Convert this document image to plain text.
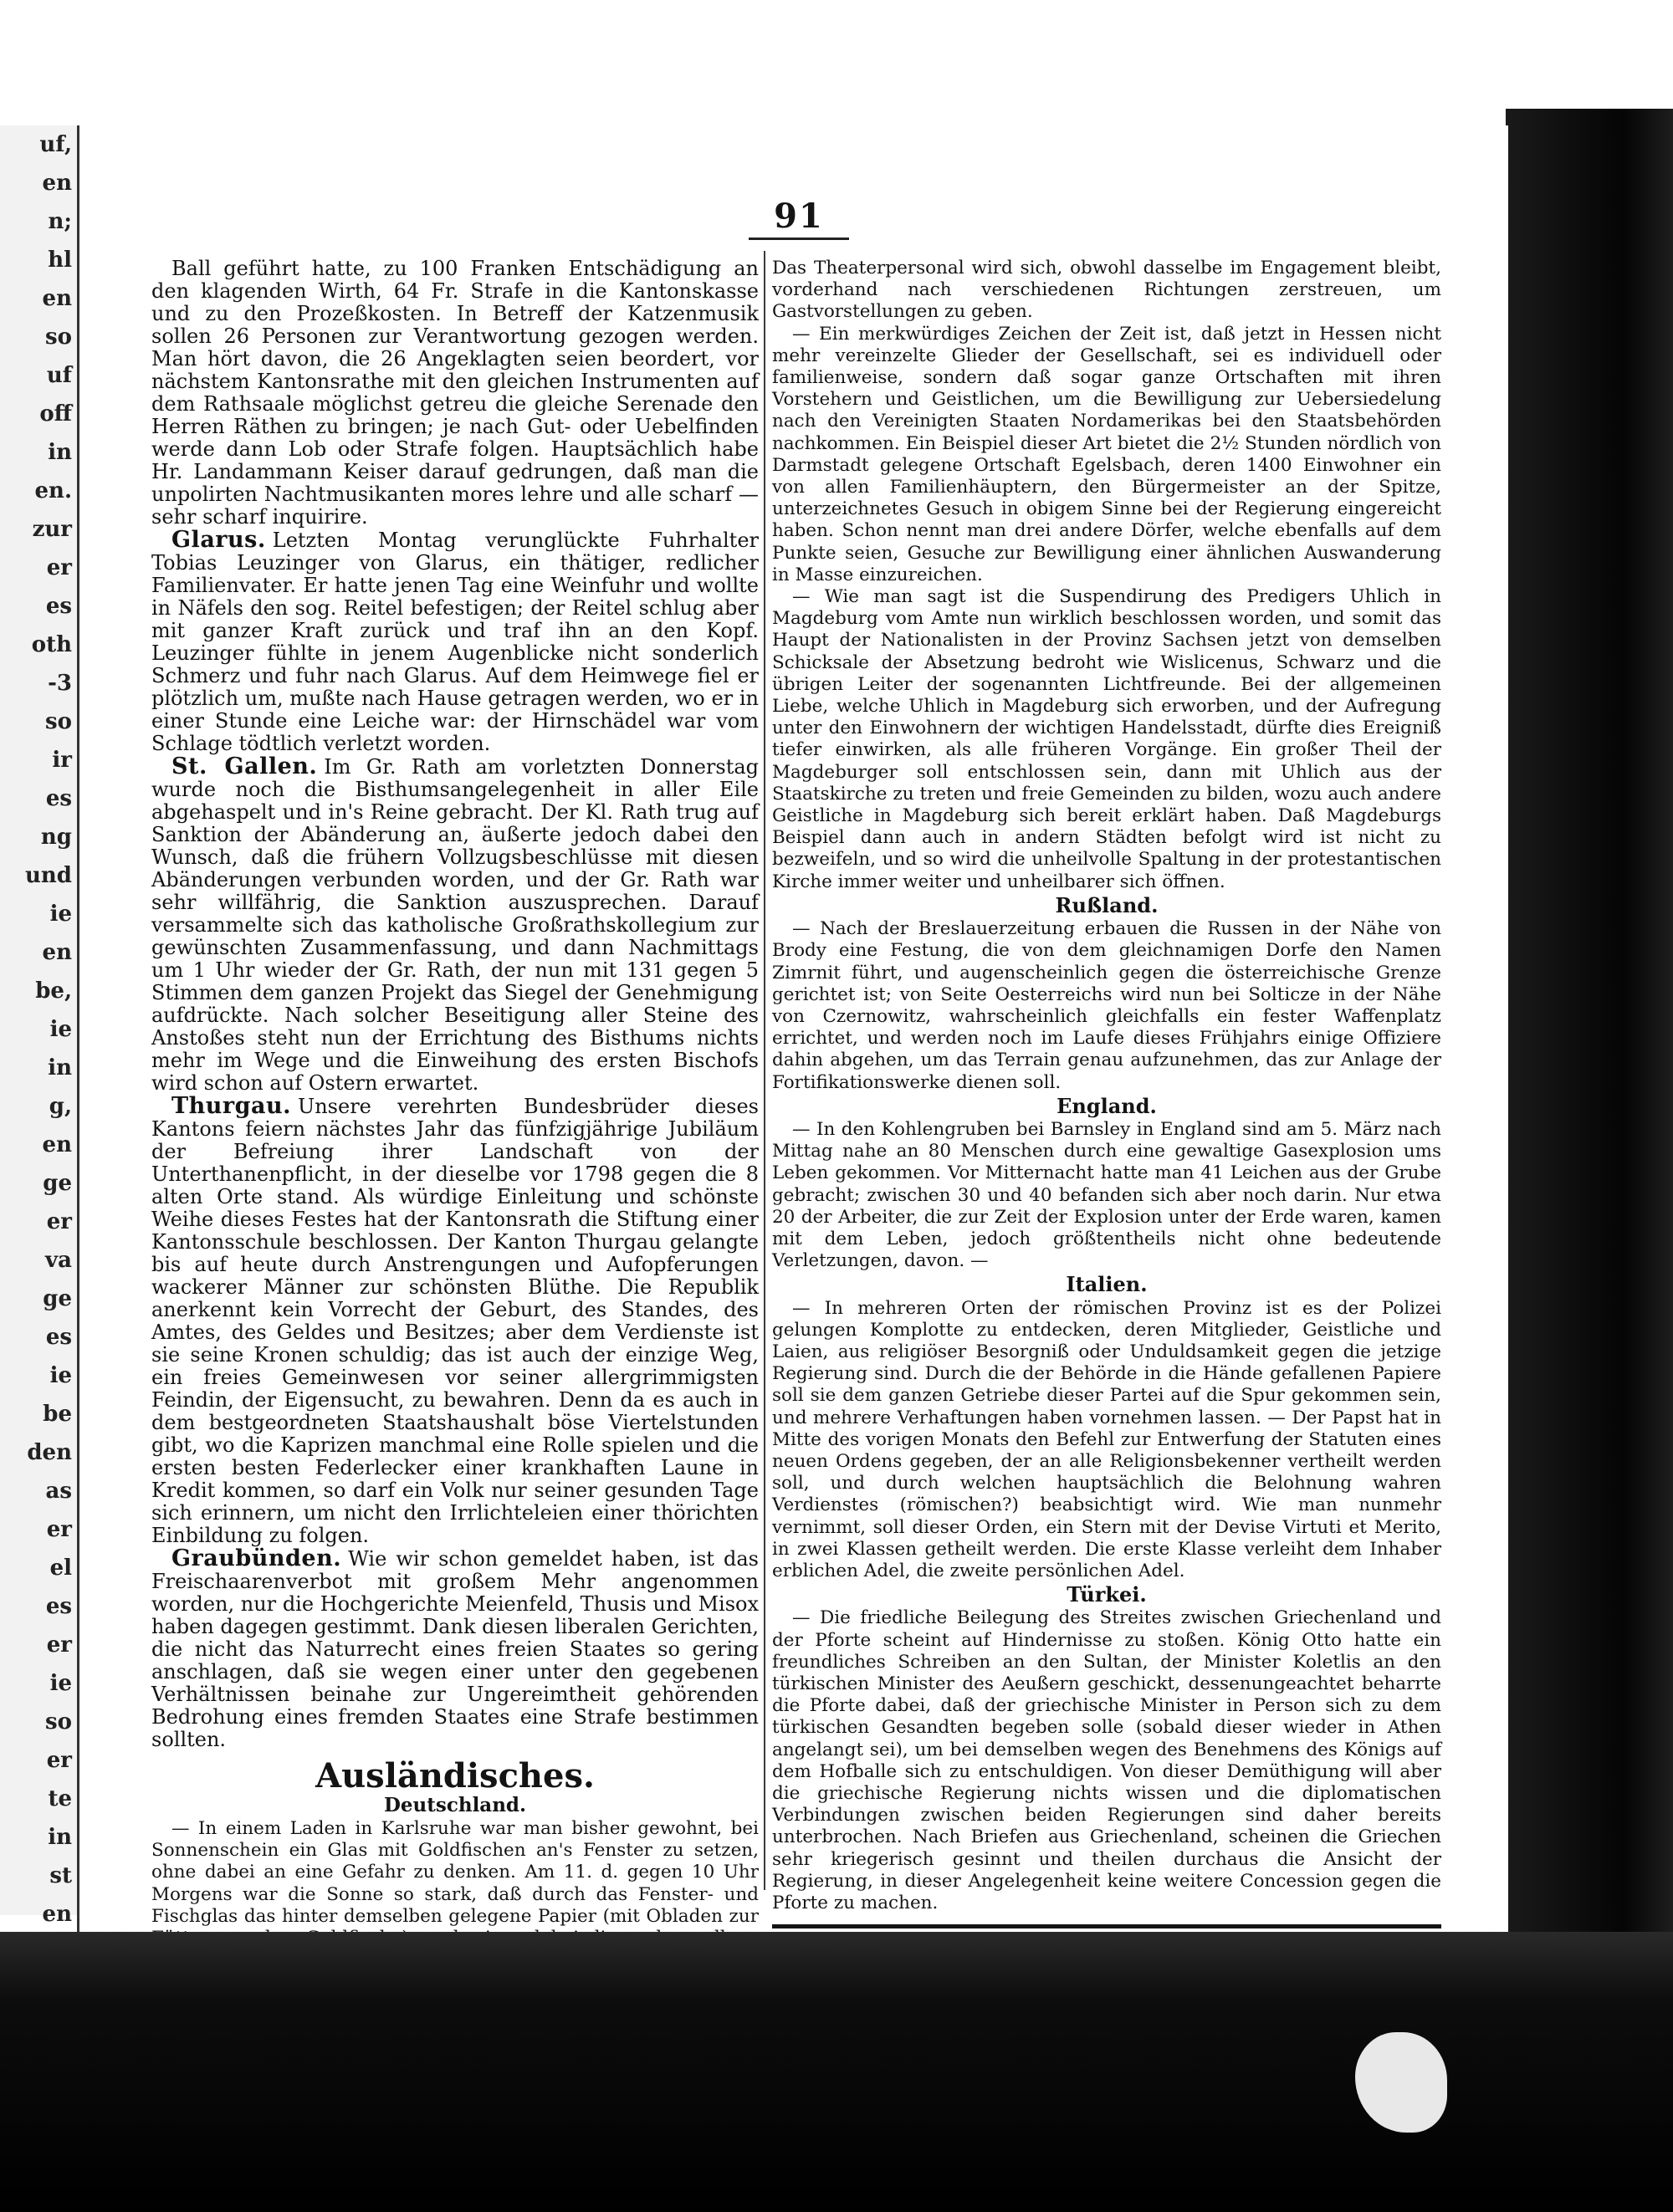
uf,
en
n;
hl
en
so
uf
off
in
en.
zur
er
es
oth
-3
so
ir
es
ng
und
ie
en
be,
ie
in
g,
en
ge
er
va
ge
es
ie
be
den
as
er
el
es
er
ie
so
er
te
in
st
en
91

Ball geführt hatte, zu 100 Franken Entschädigung an den klagenden Wirth, 64 Fr. Strafe in die Kantonskasse und zu den Prozeßkosten. In Betreff der Katzenmusik sollen 26 Personen zur Verantwortung gezogen werden. Man hört davon, die 26 Angeklagten seien beordert, vor nächstem Kantonsrathe mit den gleichen Instrumenten auf dem Rathsaale möglichst getreu die gleiche Serenade den Herren Räthen zu bringen; je nach Gut- oder Uebelfinden werde dann Lob oder Strafe folgen. Hauptsächlich habe Hr. Landammann Keiser darauf gedrungen, daß man die unpolirten Nachtmusikanten mores lehre und alle scharf — sehr scharf inquirire.

Glarus. Letzten Montag verunglückte Fuhrhalter Tobias Leuzinger von Glarus, ein thätiger, redlicher Familienvater. Er hatte jenen Tag eine Weinfuhr und wollte in Näfels den sog. Reitel befestigen; der Reitel schlug aber mit ganzer Kraft zurück und traf ihn an den Kopf. Leuzinger fühlte in jenem Augenblicke nicht sonderlich Schmerz und fuhr nach Glarus. Auf dem Heimwege fiel er plötzlich um, mußte nach Hause getragen werden, wo er in einer Stunde eine Leiche war: der Hirnschädel war vom Schlage tödtlich verletzt worden.

St. Gallen. Im Gr. Rath am vorletzten Donnerstag wurde noch die Bisthumsangelegenheit in aller Eile abgehaspelt und in's Reine gebracht. Der Kl. Rath trug auf Sanktion der Abänderung an, äußerte jedoch dabei den Wunsch, daß die frühern Vollzugsbeschlüsse mit diesen Abänderungen verbunden worden, und der Gr. Rath war sehr willfährig, die Sanktion auszusprechen. Darauf versammelte sich das katholische Großrathskollegium zur gewünschten Zusammenfassung, und dann Nachmittags um 1 Uhr wieder der Gr. Rath, der nun mit 131 gegen 5 Stimmen dem ganzen Projekt das Siegel der Genehmigung aufdrückte. Nach solcher Beseitigung aller Steine des Anstoßes steht nun der Errichtung des Bisthums nichts mehr im Wege und die Einweihung des ersten Bischofs wird schon auf Ostern erwartet.

Thurgau. Unsere verehrten Bundesbrüder dieses Kantons feiern nächstes Jahr das fünfzigjährige Jubiläum der Befreiung ihrer Landschaft von der Unterthanenpflicht, in der dieselbe vor 1798 gegen die 8 alten Orte stand. Als würdige Einleitung und schönste Weihe dieses Festes hat der Kantonsrath die Stiftung einer Kantonsschule beschlossen. Der Kanton Thurgau gelangte bis auf heute durch Anstrengungen und Aufopferungen wackerer Männer zur schönsten Blüthe. Die Republik anerkennt kein Vorrecht der Geburt, des Standes, des Amtes, des Geldes und Besitzes; aber dem Verdienste ist sie seine Kronen schuldig; das ist auch der einzige Weg, ein freies Gemeinwesen vor seiner allergrimmigsten Feindin, der Eigensucht, zu bewahren. Denn da es auch in dem bestgeordneten Staatshaushalt böse Viertelstunden gibt, wo die Kaprizen manchmal eine Rolle spielen und die ersten besten Federlecker einer krankhaften Laune in Kredit kommen, so darf ein Volk nur seiner gesunden Tage sich erinnern, um nicht den Irrlichteleien einer thörichten Einbildung zu folgen.

Graubünden. Wie wir schon gemeldet haben, ist das Freischaarenverbot mit großem Mehr angenommen worden, nur die Hochgerichte Meienfeld, Thusis und Misox haben dagegen gestimmt. Dank diesen liberalen Gerichten, die nicht das Naturrecht eines freien Staates so gering anschlagen, daß sie wegen einer unter den gegebenen Verhältnissen beinahe zur Ungereimtheit gehörenden Bedrohung eines fremden Staates eine Strafe bestimmen sollten.

Ausländisches.
Deutschland.

— In einem Laden in Karlsruhe war man bisher gewohnt, bei Sonnenschein ein Glas mit Goldfischen an's Fenster zu setzen, ohne dabei an eine Gefahr zu denken. Am 11. d. gegen 10 Uhr Morgens war die Sonne so stark, daß durch das Fenster- und Fischglas das hinter demselben gelegene Papier (mit Obladen zur

Das Theaterpersonal wird sich, obwohl dasselbe im Engagement bleibt, vorderhand nach verschiedenen Richtungen zerstreuen, um Gastvorstellungen zu geben.

— Ein merkwürdiges Zeichen der Zeit ist, daß jetzt in Hessen nicht mehr vereinzelte Glieder der Gesellschaft, sei es individuell oder familienweise, sondern daß sogar ganze Ortschaften mit ihren Vorstehern und Geistlichen, um die Bewilligung zur Uebersiedelung nach den Vereinigten Staaten Nordamerikas bei den Staatsbehörden nachkommen. Ein Beispiel dieser Art bietet die 2½ Stunden nördlich von Darmstadt gelegene Ortschaft Egelsbach, deren 1400 Einwohner ein von allen Familienhäuptern, den Bürgermeister an der Spitze, unterzeichnetes Gesuch in obigem Sinne bei der Regierung eingereicht haben. Schon nennt man drei andere Dörfer, welche ebenfalls auf dem Punkte seien, Gesuche zur Bewilligung einer ähnlichen Auswanderung in Masse einzureichen.

— Wie man sagt ist die Suspendirung des Predigers Uhlich in Magdeburg vom Amte nun wirklich beschlossen worden, und somit das Haupt der Nationalisten in der Provinz Sachsen jetzt von demselben Schicksale der Absetzung bedroht wie Wislicenus, Schwarz und die übrigen Leiter der sogenannten Lichtfreunde. Bei der allgemeinen Liebe, welche Uhlich in Magdeburg sich erworben, und der Aufregung unter den Einwohnern der wichtigen Handelsstadt, dürfte dies Ereigniß tiefer einwirken, als alle früheren Vorgänge. Ein großer Theil der Magdeburger soll entschlossen sein, dann mit Uhlich aus der Staatskirche zu treten und freie Gemeinden zu bilden, wozu auch andere Geistliche in Magdeburg sich bereit erklärt haben. Daß Magdeburgs Beispiel dann auch in andern Städten befolgt wird ist nicht zu bezweifeln, und so wird die unheilvolle Spaltung in der protestantischen Kirche immer weiter und unheilbarer sich öffnen.

Rußland.

— Nach der Breslauerzeitung erbauen die Russen in der Nähe von Brody eine Festung, die von dem gleichnamigen Dorfe den Namen Zimrnit führt, und augenscheinlich gegen die österreichische Grenze gerichtet ist; von Seite Oesterreichs wird nun bei Solticze in der Nähe von Czernowitz, wahrscheinlich gleichfalls ein fester Waffenplatz errichtet, und werden noch im Laufe dieses Frühjahrs einige Offiziere dahin abgehen, um das Terrain genau aufzunehmen, das zur Anlage der Fortifikationswerke dienen soll.

England.

— In den Kohlengruben bei Barnsley in England sind am 5. März nach Mittag nahe an 80 Menschen durch eine gewaltige Gasexplosion ums Leben gekommen. Vor Mitternacht hatte man 41 Leichen aus der Grube gebracht; zwischen 30 und 40 befanden sich aber noch darin. Nur etwa 20 der Arbeiter, die zur Zeit der Explosion unter der Erde waren, kamen mit dem Leben, jedoch größtentheils nicht ohne bedeutende Verletzungen, davon. —

Italien.

— In mehreren Orten der römischen Provinz ist es der Polizei gelungen Komplotte zu entdecken, deren Mitglieder, Geistliche und Laien, aus religiöser Besorgniß oder Unduldsamkeit gegen die jetzige Regierung sind. Durch die der Behörde in die Hände gefallenen Papiere soll sie dem ganzen Getriebe dieser Partei auf die Spur gekommen sein, und mehrere Verhaftungen haben vornehmen lassen. — Der Papst hat in Mitte des vorigen Monats den Befehl zur Entwerfung der Statuten eines neuen Ordens gegeben, der an alle Religionsbekenner vertheilt werden soll, und durch welchen hauptsächlich die Belohnung wahren Verdienstes (römischen?) beabsichtigt wird. Wie man nunmehr vernimmt, soll dieser Orden, ein Stern mit der Devise Virtuti et Merito, in zwei Klassen getheilt werden. Die erste Klasse verleiht dem Inhaber erblichen Adel, die zweite persönlichen Adel.

Türkei.

— Die friedliche Beilegung des Streites zwischen Griechenland und der Pforte scheint auf Hindernisse zu stoßen. König Otto hatte ein freundliches Schreiben an den Sultan, der Minister Koletlis an den türkischen Minister des Aeußern geschickt, dessenungeachtet beharrte die Pforte dabei, daß der griechische Minister in Person sich zu dem türkischen Gesandten begeben solle (sobald dieser wieder in Athen angelangt sei), um bei demselben wegen des Benehmens des Königs auf dem Hofballe sich zu entschuldigen. Von dieser Demüthigung will aber die griechische Regierung nichts wissen und die diplomatischen Verbindungen zwischen beiden Regierungen sind daher bereits unterbrochen. Nach Briefen aus Griechenland, scheinen die Griechen sehr kriegerisch gesinnt und theilen durchaus die Ansicht der Regierung, in dieser Angelegenheit keine weitere Concession gegen die Pforte zu machen.
